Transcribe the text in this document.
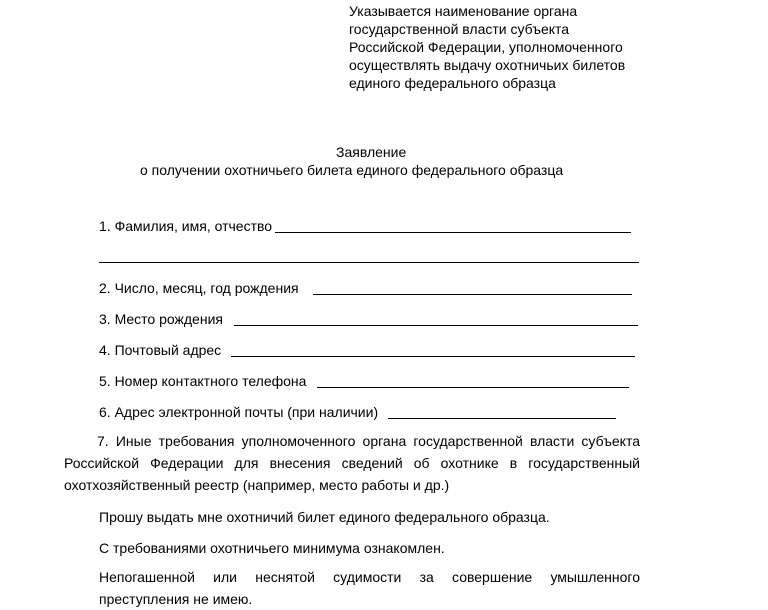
Указывается наименование органа
государственной власти субъекта
Российской Федерации, уполномоченного
осуществлять выдачу охотничьих билетов
единого федерального образца
Заявление
о получении охотничьего билета единого федерального образца
1. Фамилия, имя, отчество
2. Число, месяц, год рождения
3. Место рождения
4. Почтовый адрес
5. Номер контактного телефона
6. Адрес электронной почты (при наличии)
7. Иные требования уполномоченного органа государственной власти субъекта
Российской Федерации для внесения сведений об охотнике в государственный
охотхозяйственный реестр (например, место работы и др.)
Прошу выдать мне охотничий билет единого федерального образца.
С требованиями охотничьего минимума ознакомлен.
Непогашенной или неснятой судимости за совершение умышленного
преступления не имею.
